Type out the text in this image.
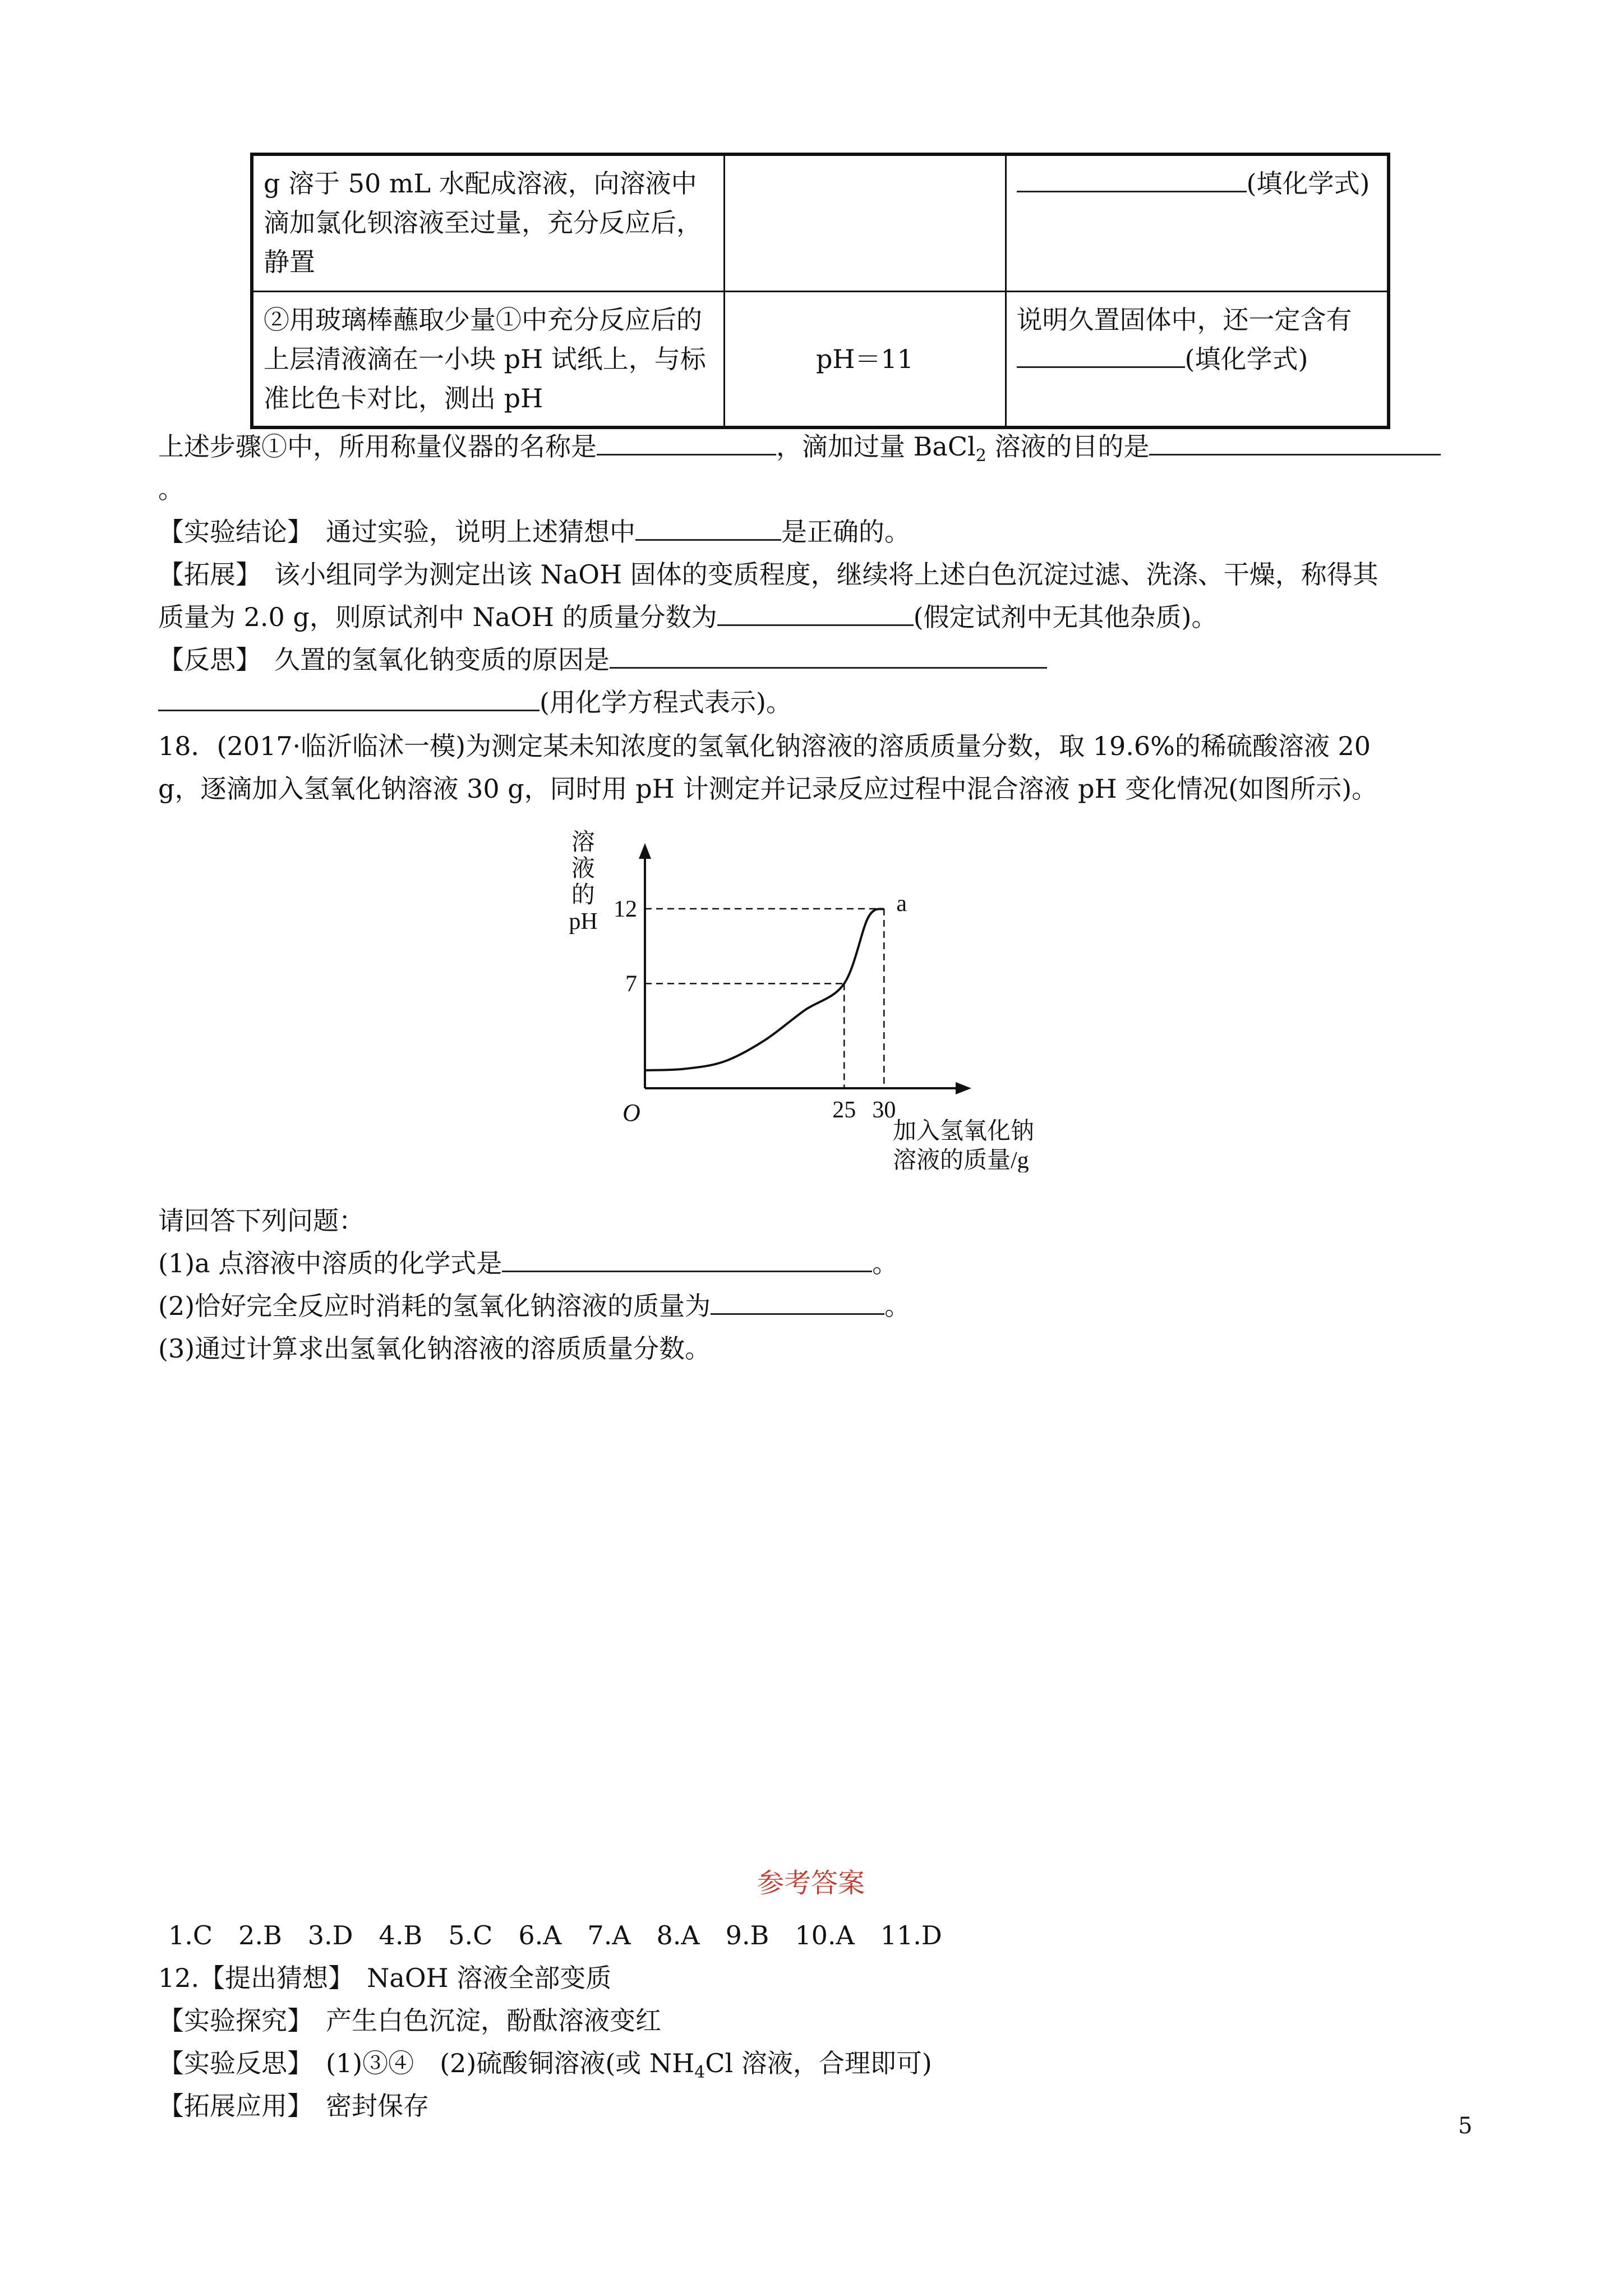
g 溶于 50 mL 水配成溶液，向溶液中滴加氯化钡溶液至过量，充分反应后，静置		(填化学式)
②用玻璃棒蘸取少量①中充分反应后的上层清液滴在一小块 pH 试纸上，与标准比色卡对比，测出 pH	pH＝11	说明久置固体中，还一定含有(填化学式)
上述步骤①中，所用称量仪器的名称是	，滴加过量 BaCl$_2$ 溶液的目的是
。
【实验结论】　 通过实验，说明上述猜想中	是正确的。
【拓展】　 该小组同学为测定出该 NaOH 固体的变质程度，继续将上述白色沉淀过滤、洗涤、干燥，称得其
质量为 2.0 g，则原试剂中 NaOH 的质量分数为	(假定试剂中无其他杂质)。
【反思】　 久置的氢氧化钠变质的原因是
(用化学方程式表示)。
18．(2017·临沂临沭一模)为测定某未知浓度的氢氧化钠溶液的溶质质量分数，取 19.6%的稀硫酸溶液 20
g，逐滴加入氢氧化钠溶液 30 g，同时用 pH 计测定并记录反应过程中混合溶液 pH 变化情况(如图所示)。
溶 液 的 pH
25 30
7
12
O
a
加入氢氧化钠 溶液的质量/g
请回答下列问题：
(1)a 点溶液中溶质的化学式是	。
(2)恰好完全反应时消耗的氢氧化钠溶液的质量为	。
(3)通过计算求出氢氧化钠溶液的溶质质量分数。
参考答案
1.C　2.B　3.D　4.B　5.C　6.A　7.A　8.A　9.B　10.A　11.D
12.【提出猜想】　 NaOH 溶液全部变质
【实验探究】　 产生白色沉淀，酚酞溶液变红
【实验反思】　 (1)③④　(2)硫酸铜溶液(或 $NH_4Cl$ 溶液，合理即可)
【拓展应用】　 密封保存
5
